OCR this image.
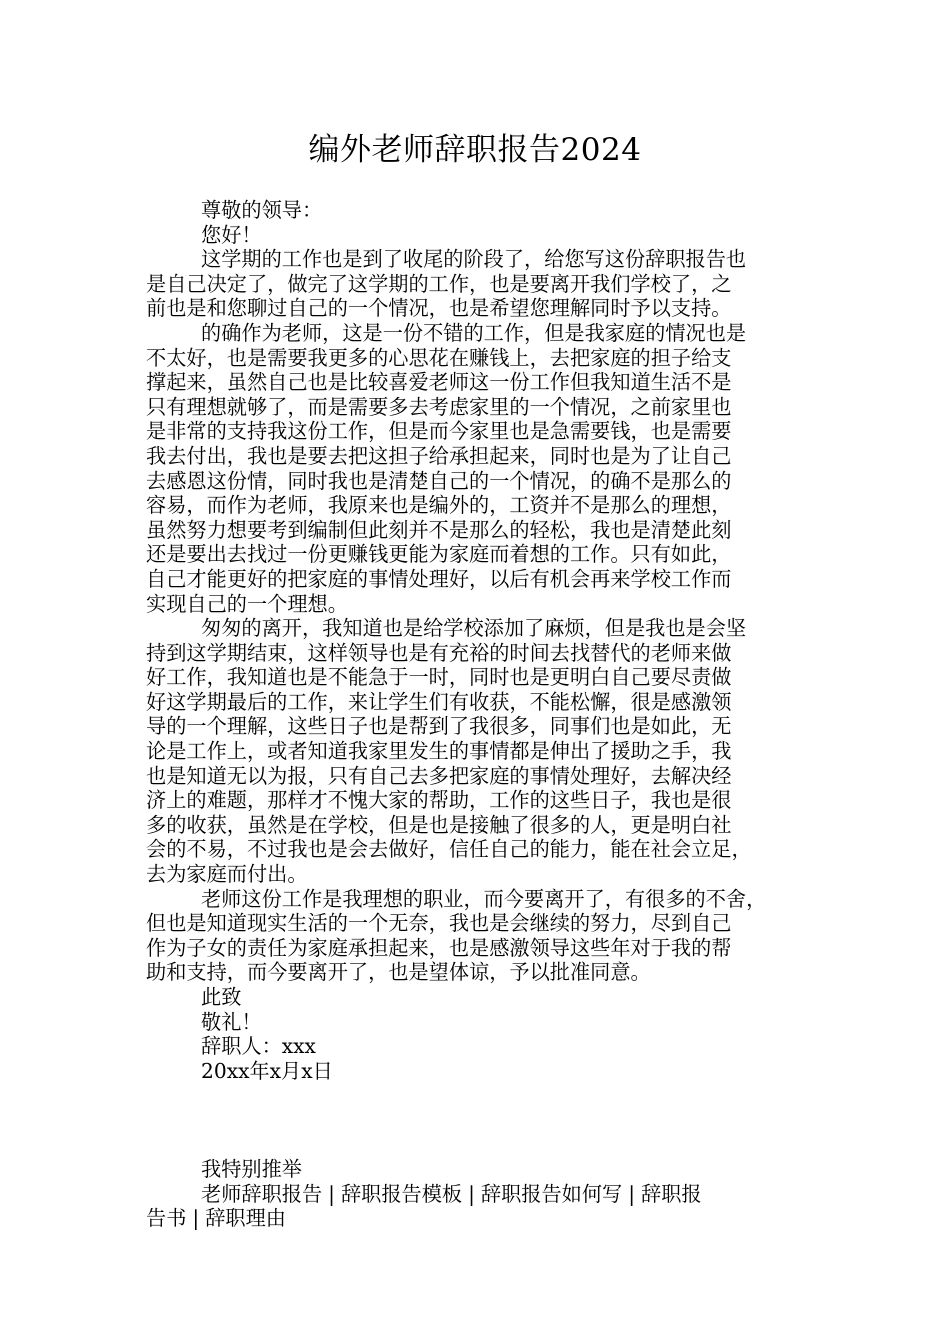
编外老师辞职报告2024
尊敬的领导：
您好！
这学期的工作也是到了收尾的阶段了，给您写这份辞职报告也
是自己决定了，做完了这学期的工作，也是要离开我们学校了，之
前也是和您聊过自己的一个情况，也是希望您理解同时予以支持。
的确作为老师，这是一份不错的工作，但是我家庭的情况也是
不太好，也是需要我更多的心思花在赚钱上，去把家庭的担子给支
撑起来，虽然自己也是比较喜爱老师这一份工作但我知道生活不是
只有理想就够了，而是需要多去考虑家里的一个情况，之前家里也
是非常的支持我这份工作，但是而今家里也是急需要钱，也是需要
我去付出，我也是要去把这担子给承担起来，同时也是为了让自己
去感恩这份情，同时我也是清楚自己的一个情况，的确不是那么的
容易，而作为老师，我原来也是编外的，工资并不是那么的理想，
虽然努力想要考到编制但此刻并不是那么的轻松，我也是清楚此刻
还是要出去找过一份更赚钱更能为家庭而着想的工作。只有如此，
自己才能更好的把家庭的事情处理好，以后有机会再来学校工作而
实现自己的一个理想。
匆匆的离开，我知道也是给学校添加了麻烦，但是我也是会坚
持到这学期结束，这样领导也是有充裕的时间去找替代的老师来做
好工作，我知道也是不能急于一时，同时也是更明白自己要尽责做
好这学期最后的工作，来让学生们有收获，不能松懈，很是感激领
导的一个理解，这些日子也是帮到了我很多，同事们也是如此，无
论是工作上，或者知道我家里发生的事情都是伸出了援助之手，我
也是知道无以为报，只有自己去多把家庭的事情处理好，去解决经
济上的难题，那样才不愧大家的帮助，工作的这些日子，我也是很
多的收获，虽然是在学校，但是也是接触了很多的人，更是明白社
会的不易，不过我也是会去做好，信任自己的能力，能在社会立足，
去为家庭而付出。
老师这份工作是我理想的职业，而今要离开了，有很多的不舍，
但也是知道现实生活的一个无奈，我也是会继续的努力，尽到自己
作为子女的责任为家庭承担起来，也是感激领导这些年对于我的帮
助和支持，而今要离开了，也是望体谅，予以批准同意。
此致
敬礼！
辞职人：xxx
20xx年x月x日
我特别推举
老师辞职报告 | 辞职报告模板 | 辞职报告如何写 | 辞职报
告书 | 辞职理由
